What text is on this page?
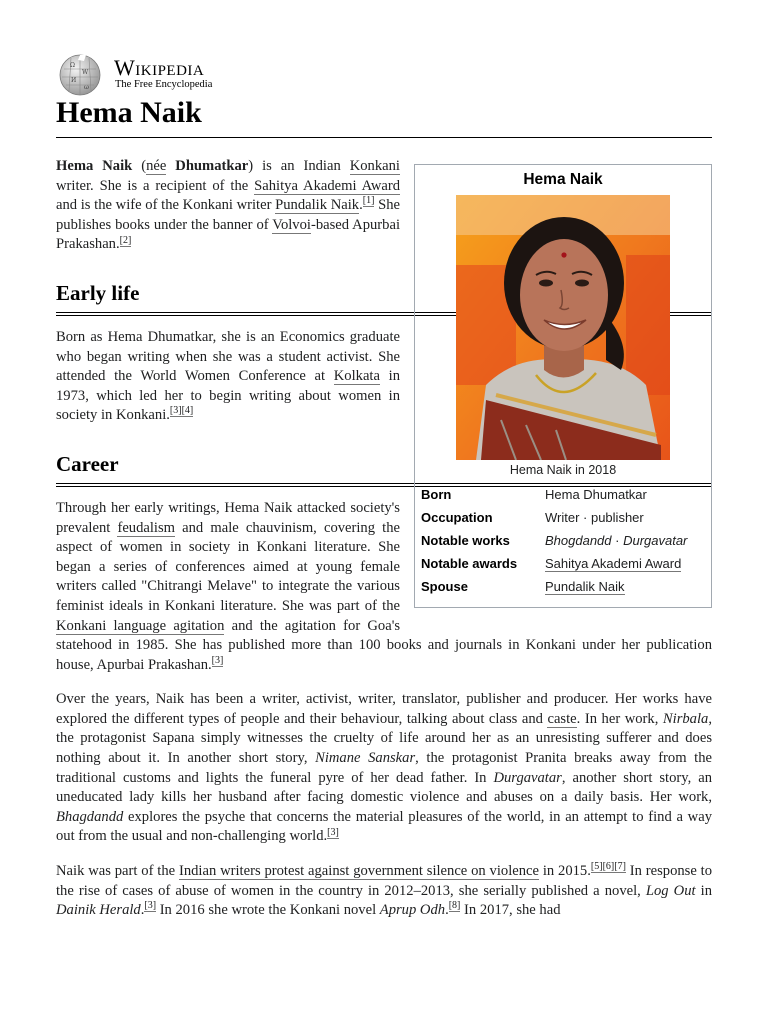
Ω
W
И
ω
Wikipedia
The Free Encyclopedia
Hema Naik
Hema Naik
Hema Naik in 2018
Born	Hema Dhumatkar
Occupation	Writer · publisher
Notable works	Bhogdandd · Durgavatar
Notable awards	Sahitya Akademi Award
Spouse	Pundalik Naik

Hema Naik (née Dhumatkar) is an Indian Konkani writer. She is a recipient of the Sahitya Akademi Award and is the wife of the Konkani writer Pundalik Naik.[1] She publishes books under the banner of Volvoi-based Apurbai Prakashan.[2]

Early life

Born as Hema Dhumatkar, she is an Economics graduate who began writing when she was a student activist. She attended the World Women Conference at Kolkata in 1973, which led her to begin writing about women in society in Konkani.[3][4]

Career

Through her early writings, Hema Naik attacked society's prevalent feudalism and male chauvinism, covering the aspect of women in society in Konkani literature. She began a series of conferences aimed at young female writers called "Chitrangi Melave" to integrate the various feminist ideals in Konkani literature. She was part of the Konkani language agitation and the agitation for Goa's statehood in 1985. She has published more than 100 books and journals in Konkani under her publication house, Apurbai Prakashan.[3]

Over the years, Naik has been a writer, activist, writer, translator, publisher and producer. Her works have explored the different types of people and their behaviour, talking about class and caste. In her work, Nirbala, the protagonist Sapana simply witnesses the cruelty of life around her as an unresisting sufferer and does nothing about it. In another short story, Nimane Sanskar, the protagonist Pranita breaks away from the traditional customs and lights the funeral pyre of her dead father. In Durgavatar, another short story, an uneducated lady kills her husband after facing domestic violence and abuses on a daily basis. Her work, Bhagdandd explores the psyche that concerns the material pleasures of the world, in an attempt to find a way out from the usual and non-challenging world.[3]

Naik was part of the Indian writers protest against government silence on violence in 2015.[5][6][7] In response to the rise of cases of abuse of women in the country in 2012–2013, she serially published a novel, Log Out in Dainik Herald.[3] In 2016 she wrote the Konkani novel Aprup Odh.[8] In 2017, she had
